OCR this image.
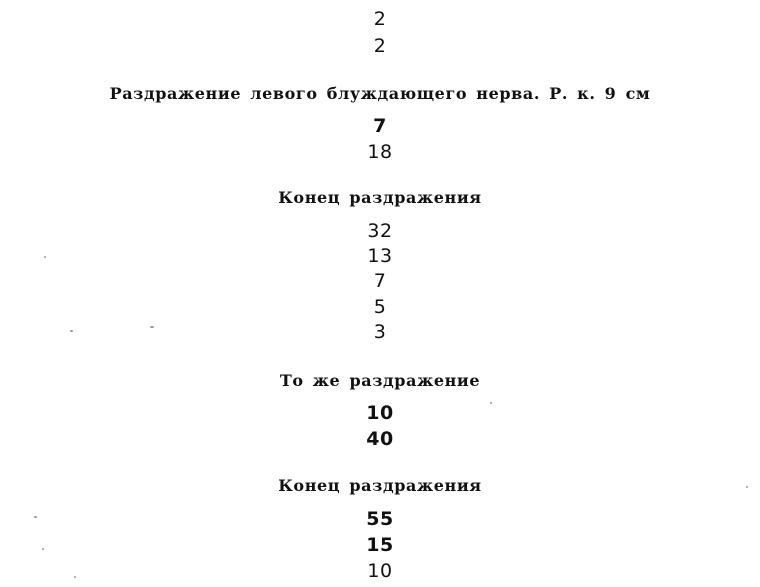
2
2
Раздражение левого блуждающего нерва. Р. к. 9 см
7
18
Конец раздражения
32
13
7
5
3
То же раздражение
10
40
Конец раздражения
55
15
10
